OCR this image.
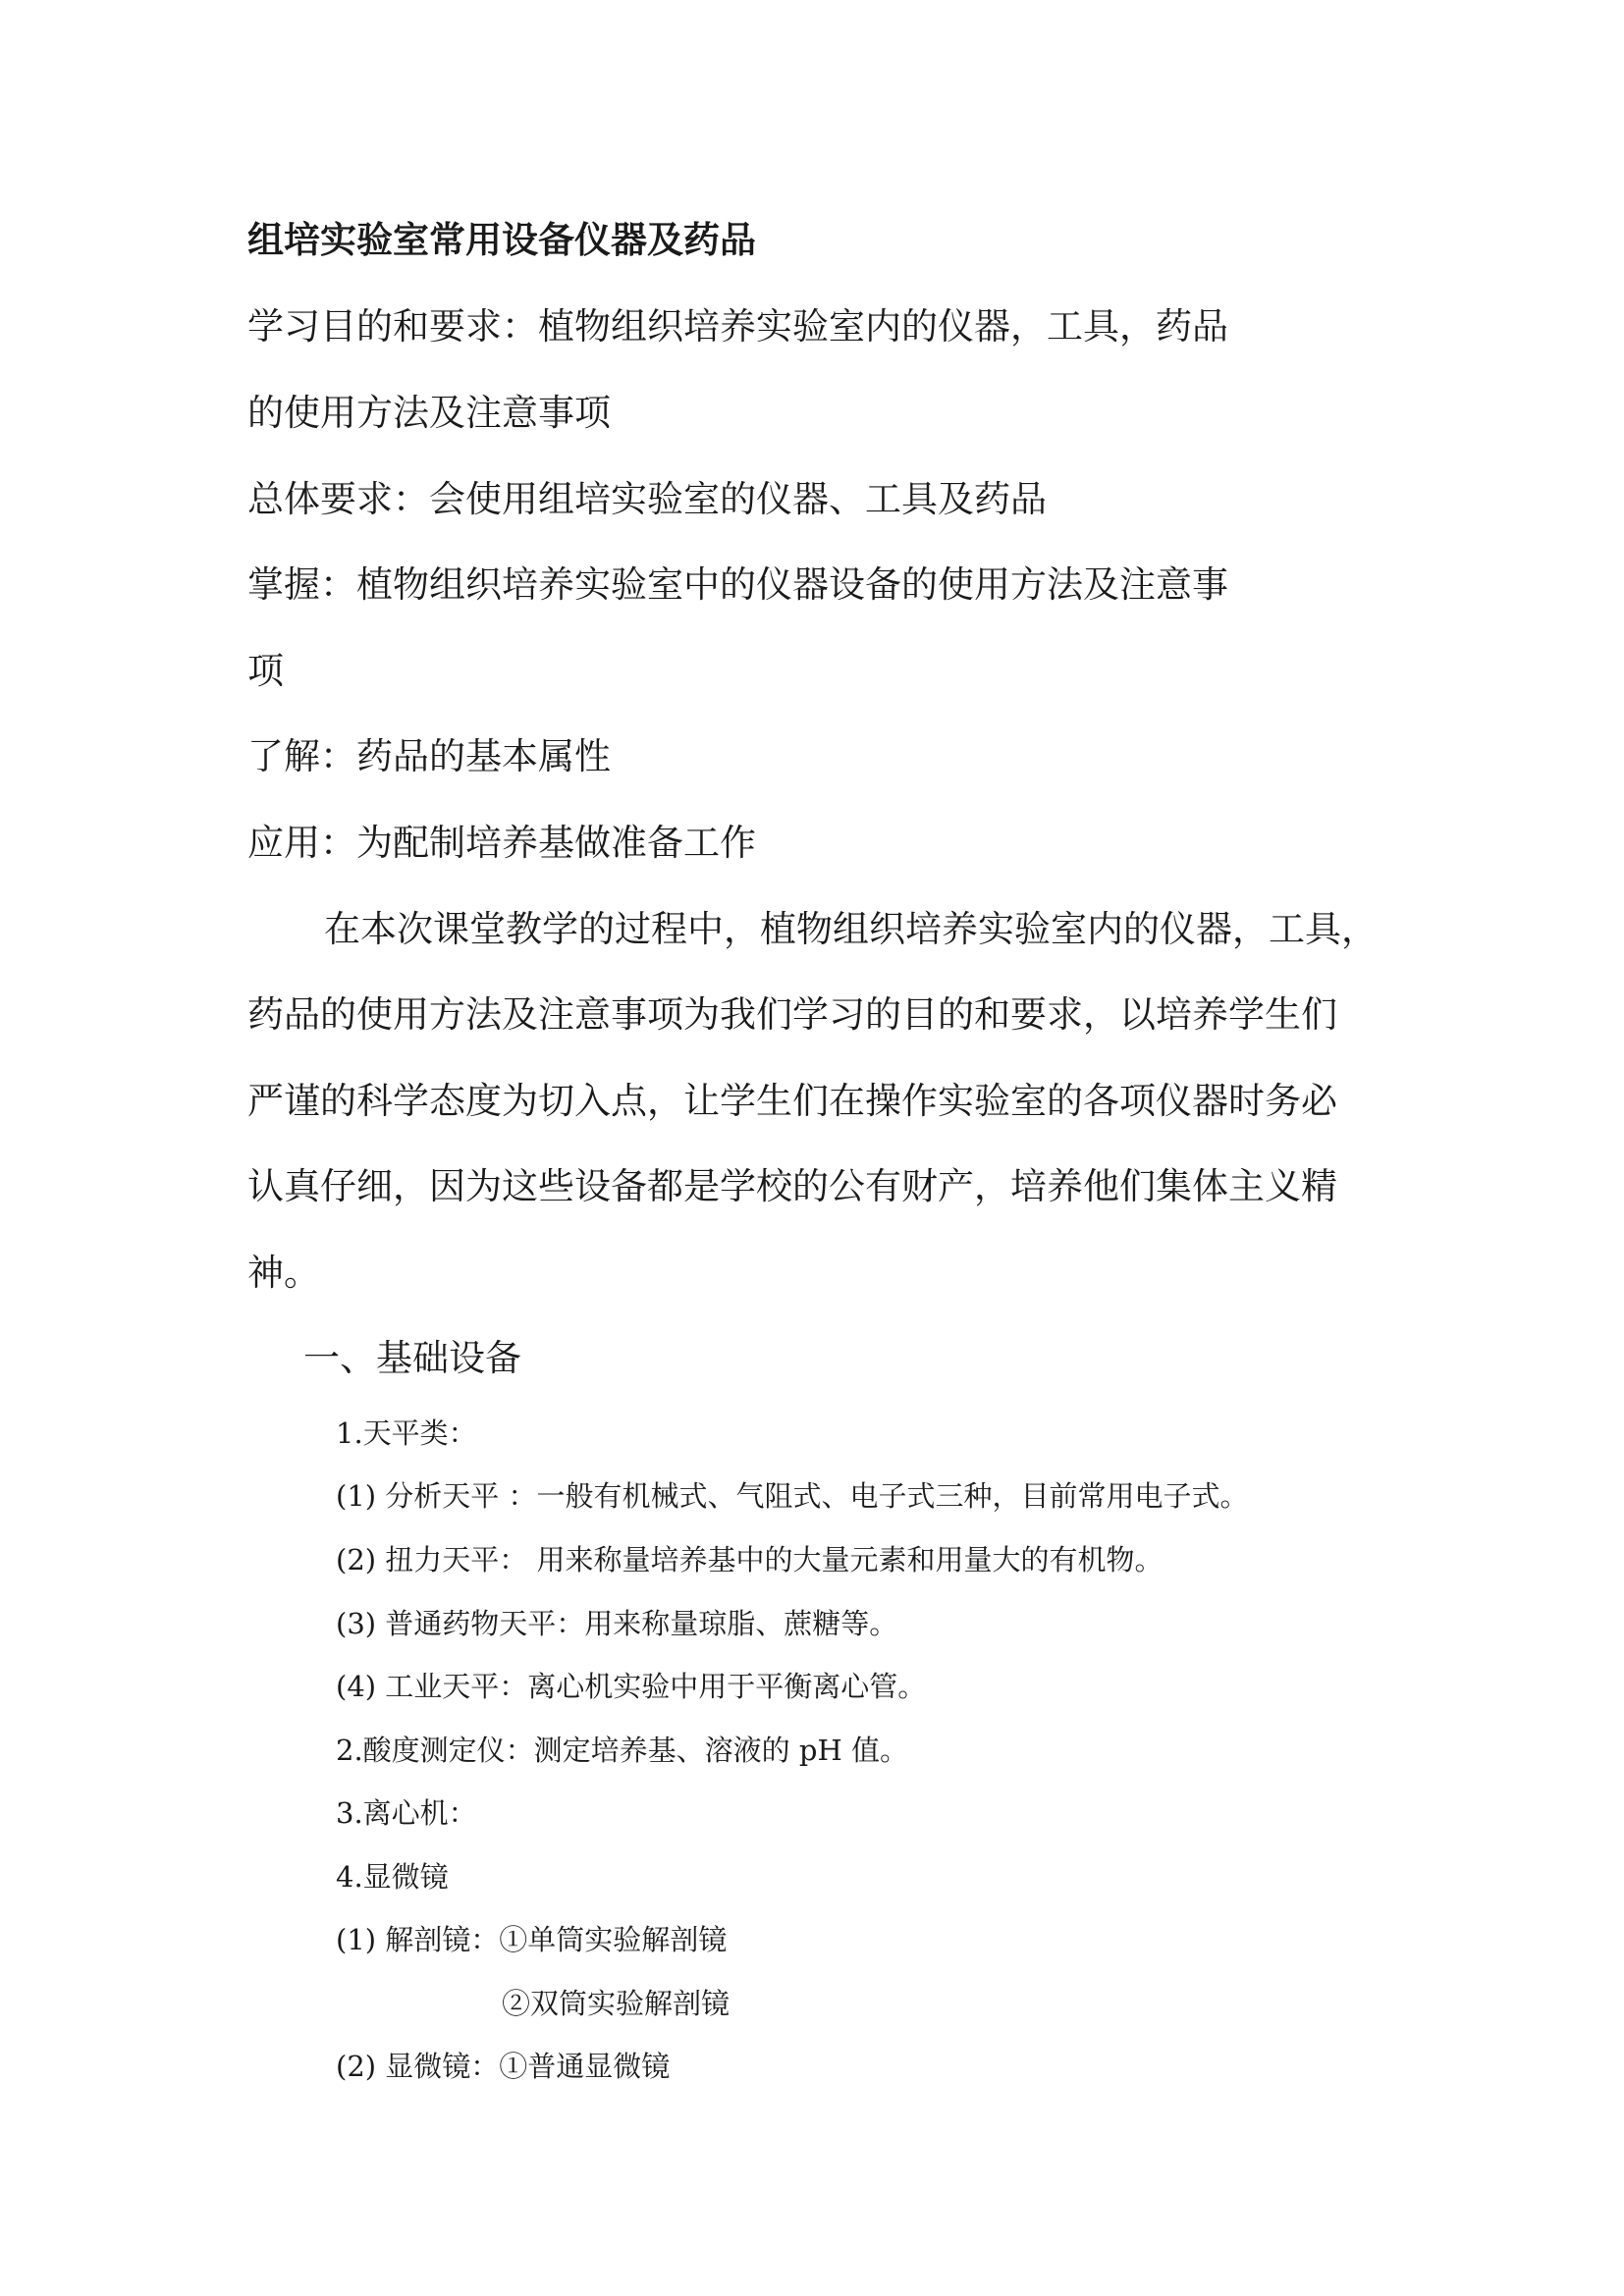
组培实验室常用设备仪器及药品
学习目的和要求：植物组织培养实验室内的仪器，工具，药品
的使用方法及注意事项
总体要求：会使用组培实验室的仪器、工具及药品
掌握：植物组织培养实验室中的仪器设备的使用方法及注意事
项
了解：药品的基本属性
应用：为配制培养基做准备工作
在本次课堂教学的过程中，植物组织培养实验室内的仪器，工具，
药品的使用方法及注意事项为我们学习的目的和要求，以培养学生们
严谨的科学态度为切入点，让学生们在操作实验室的各项仪器时务必
认真仔细，因为这些设备都是学校的公有财产，培养他们集体主义精
神。
一、基础设备
1.天平类：
(1) 分析天平 ：一般有机械式、气阻式、电子式三种，目前常用电子式。
(2) 扭力天平： 用来称量培养基中的大量元素和用量大的有机物。
(3) 普通药物天平：用来称量琼脂、蔗糖等。
(4) 工业天平：离心机实验中用于平衡离心管。
2.酸度测定仪：测定培养基、溶液的 pH 值。
3.离心机：
4.显微镜
(1) 解剖镜：①单筒实验解剖镜
②双筒实验解剖镜
(2) 显微镜：①普通显微镜
